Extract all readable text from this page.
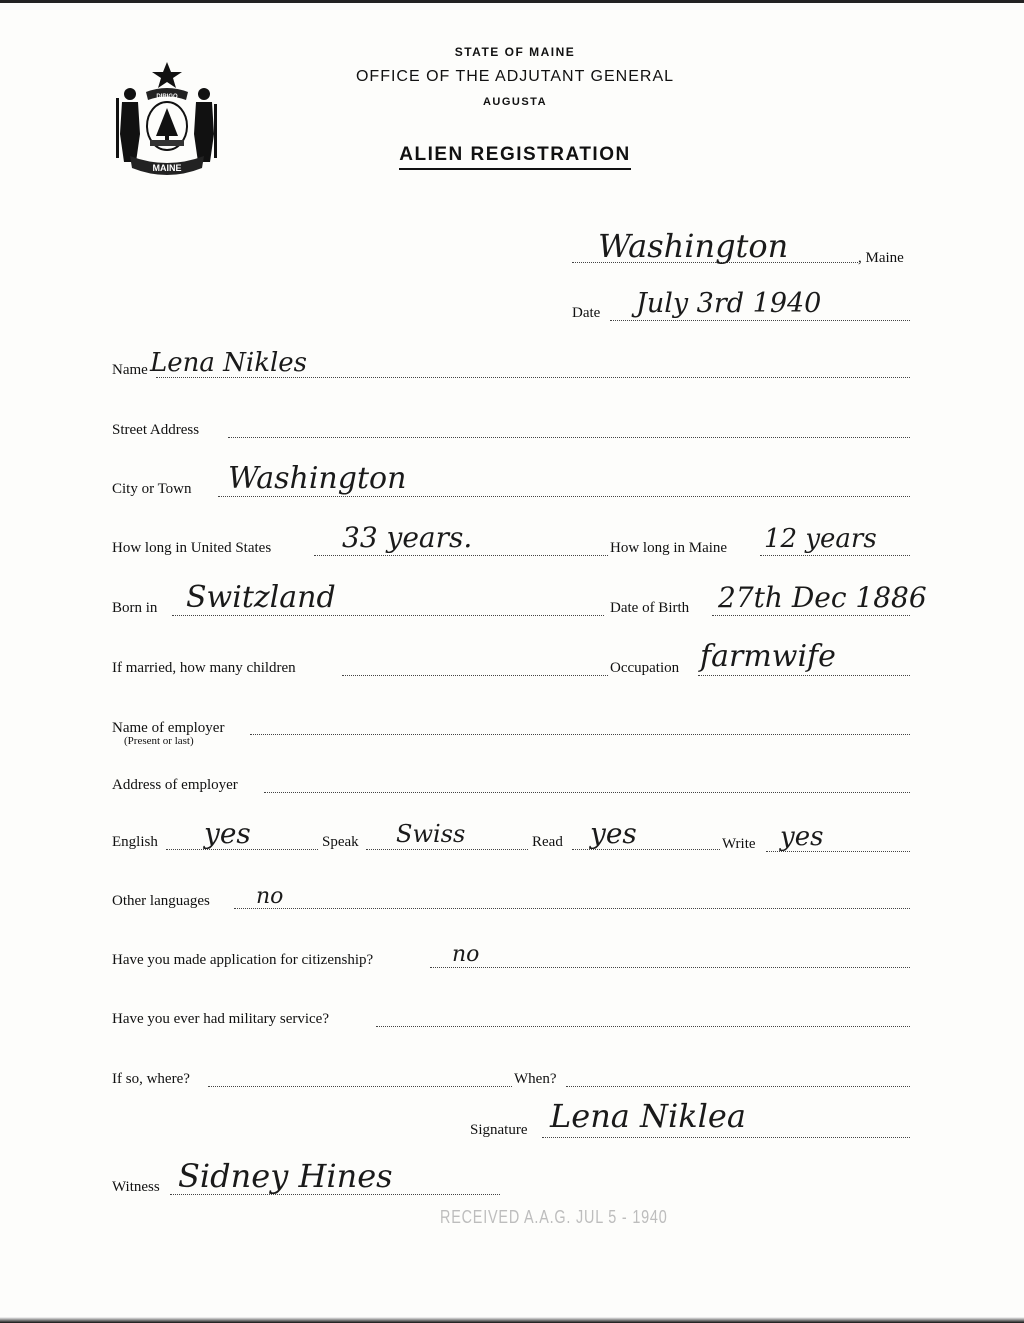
DIRIGO
MAINE
STATE OF MAINE
OFFICE OF THE ADJUTANT GENERAL
AUGUSTA
ALIEN REGISTRATION
Washington	, Maine
Date July 3rd 1940
Name Lena Nikles
Street Address
City or Town Washington
How long in United States	33 years.	How long in Maine 12 years
Born in Switzland	Date of Birth 27th Dec 1886
If married, how many children	Occupation farmwife
Name of employer
(Present or last)
Address of employer
English yes	Speak Swiss	Read yes	Write yes
Other languages no
Have you made application for citizenship?	no
Have you ever had military service?
If so, where?	When?
Signature Lena Niklea
Witness Sidney Hines
RECEIVED A.A.G. JUL 5 - 1940
